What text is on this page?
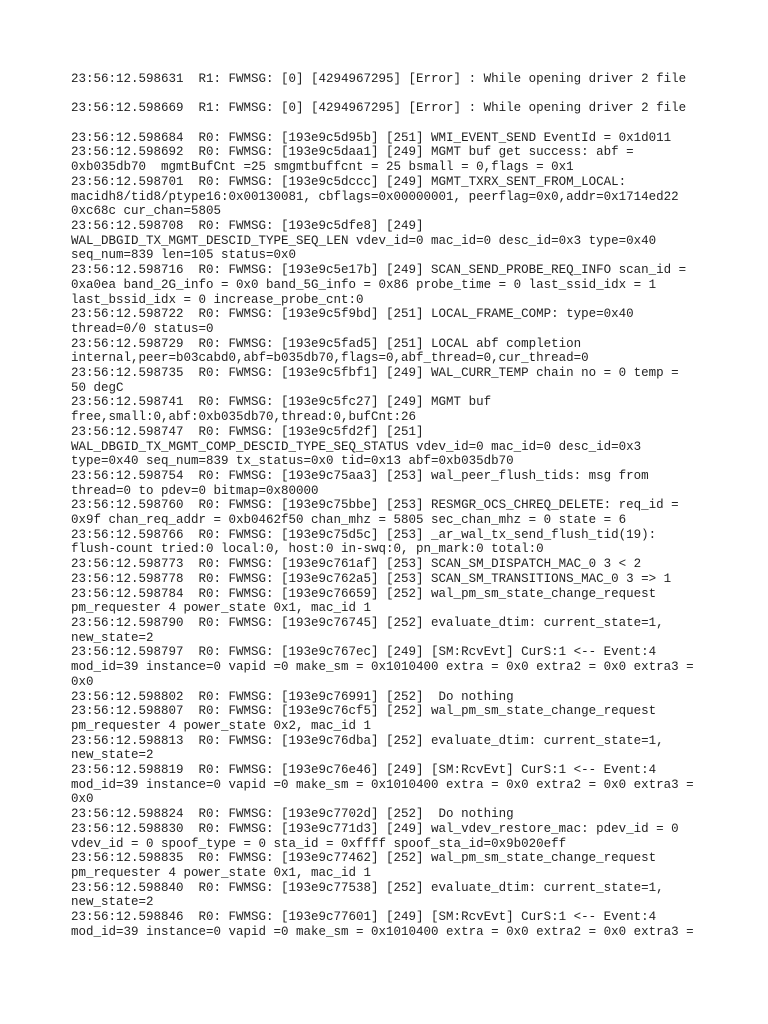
23:56:12.598631  R1: FWMSG: [0] [4294967295] [Error] : While opening driver 2 file
23:56:12.598669  R1: FWMSG: [0] [4294967295] [Error] : While opening driver 2 file
23:56:12.598684  R0: FWMSG: [193e9c5d95b] [251] WMI_EVENT_SEND EventId = 0x1d011
23:56:12.598692  R0: FWMSG: [193e9c5daa1] [249] MGMT buf get success: abf =
0xb035db70  mgmtBufCnt =25 smgmtbuffcnt = 25 bsmall = 0,flags = 0x1
23:56:12.598701  R0: FWMSG: [193e9c5dccc] [249] MGMT_TXRX_SENT_FROM_LOCAL:
macidh8/tid8/ptype16:0x00130081, cbflags=0x00000001, peerflag=0x0,addr=0x1714ed22
0xc68c cur_chan=5805
23:56:12.598708  R0: FWMSG: [193e9c5dfe8] [249]
WAL_DBGID_TX_MGMT_DESCID_TYPE_SEQ_LEN vdev_id=0 mac_id=0 desc_id=0x3 type=0x40
seq_num=839 len=105 status=0x0
23:56:12.598716  R0: FWMSG: [193e9c5e17b] [249] SCAN_SEND_PROBE_REQ_INFO scan_id =
0xa0ea band_2G_info = 0x0 band_5G_info = 0x86 probe_time = 0 last_ssid_idx = 1
last_bssid_idx = 0 increase_probe_cnt:0
23:56:12.598722  R0: FWMSG: [193e9c5f9bd] [251] LOCAL_FRAME_COMP: type=0x40
thread=0/0 status=0
23:56:12.598729  R0: FWMSG: [193e9c5fad5] [251] LOCAL abf completion
internal,peer=b03cabd0,abf=b035db70,flags=0,abf_thread=0,cur_thread=0
23:56:12.598735  R0: FWMSG: [193e9c5fbf1] [249] WAL_CURR_TEMP chain no = 0 temp =
50 degC
23:56:12.598741  R0: FWMSG: [193e9c5fc27] [249] MGMT buf
free,small:0,abf:0xb035db70,thread:0,bufCnt:26
23:56:12.598747  R0: FWMSG: [193e9c5fd2f] [251]
WAL_DBGID_TX_MGMT_COMP_DESCID_TYPE_SEQ_STATUS vdev_id=0 mac_id=0 desc_id=0x3
type=0x40 seq_num=839 tx_status=0x0 tid=0x13 abf=0xb035db70
23:56:12.598754  R0: FWMSG: [193e9c75aa3] [253] wal_peer_flush_tids: msg from
thread=0 to pdev=0 bitmap=0x80000
23:56:12.598760  R0: FWMSG: [193e9c75bbe] [253] RESMGR_OCS_CHREQ_DELETE: req_id =
0x9f chan_req_addr = 0xb0462f50 chan_mhz = 5805 sec_chan_mhz = 0 state = 6
23:56:12.598766  R0: FWMSG: [193e9c75d5c] [253] _ar_wal_tx_send_flush_tid(19):
flush-count tried:0 local:0, host:0 in-swq:0, pn_mark:0 total:0
23:56:12.598773  R0: FWMSG: [193e9c761af] [253] SCAN_SM_DISPATCH_MAC_0 3 < 2
23:56:12.598778  R0: FWMSG: [193e9c762a5] [253] SCAN_SM_TRANSITIONS_MAC_0 3 => 1
23:56:12.598784  R0: FWMSG: [193e9c76659] [252] wal_pm_sm_state_change_request
pm_requester 4 power_state 0x1, mac_id 1
23:56:12.598790  R0: FWMSG: [193e9c76745] [252] evaluate_dtim: current_state=1,
new_state=2
23:56:12.598797  R0: FWMSG: [193e9c767ec] [249] [SM:RcvEvt] CurS:1 <-- Event:4
mod_id=39 instance=0 vapid =0 make_sm = 0x1010400 extra = 0x0 extra2 = 0x0 extra3 =
0x0
23:56:12.598802  R0: FWMSG: [193e9c76991] [252]  Do nothing
23:56:12.598807  R0: FWMSG: [193e9c76cf5] [252] wal_pm_sm_state_change_request
pm_requester 4 power_state 0x2, mac_id 1
23:56:12.598813  R0: FWMSG: [193e9c76dba] [252] evaluate_dtim: current_state=1,
new_state=2
23:56:12.598819  R0: FWMSG: [193e9c76e46] [249] [SM:RcvEvt] CurS:1 <-- Event:4
mod_id=39 instance=0 vapid =0 make_sm = 0x1010400 extra = 0x0 extra2 = 0x0 extra3 =
0x0
23:56:12.598824  R0: FWMSG: [193e9c7702d] [252]  Do nothing
23:56:12.598830  R0: FWMSG: [193e9c771d3] [249] wal_vdev_restore_mac: pdev_id = 0
vdev_id = 0 spoof_type = 0 sta_id = 0xffff spoof_sta_id=0x9b020eff
23:56:12.598835  R0: FWMSG: [193e9c77462] [252] wal_pm_sm_state_change_request
pm_requester 4 power_state 0x1, mac_id 1
23:56:12.598840  R0: FWMSG: [193e9c77538] [252] evaluate_dtim: current_state=1,
new_state=2
23:56:12.598846  R0: FWMSG: [193e9c77601] [249] [SM:RcvEvt] CurS:1 <-- Event:4
mod_id=39 instance=0 vapid =0 make_sm = 0x1010400 extra = 0x0 extra2 = 0x0 extra3 =
